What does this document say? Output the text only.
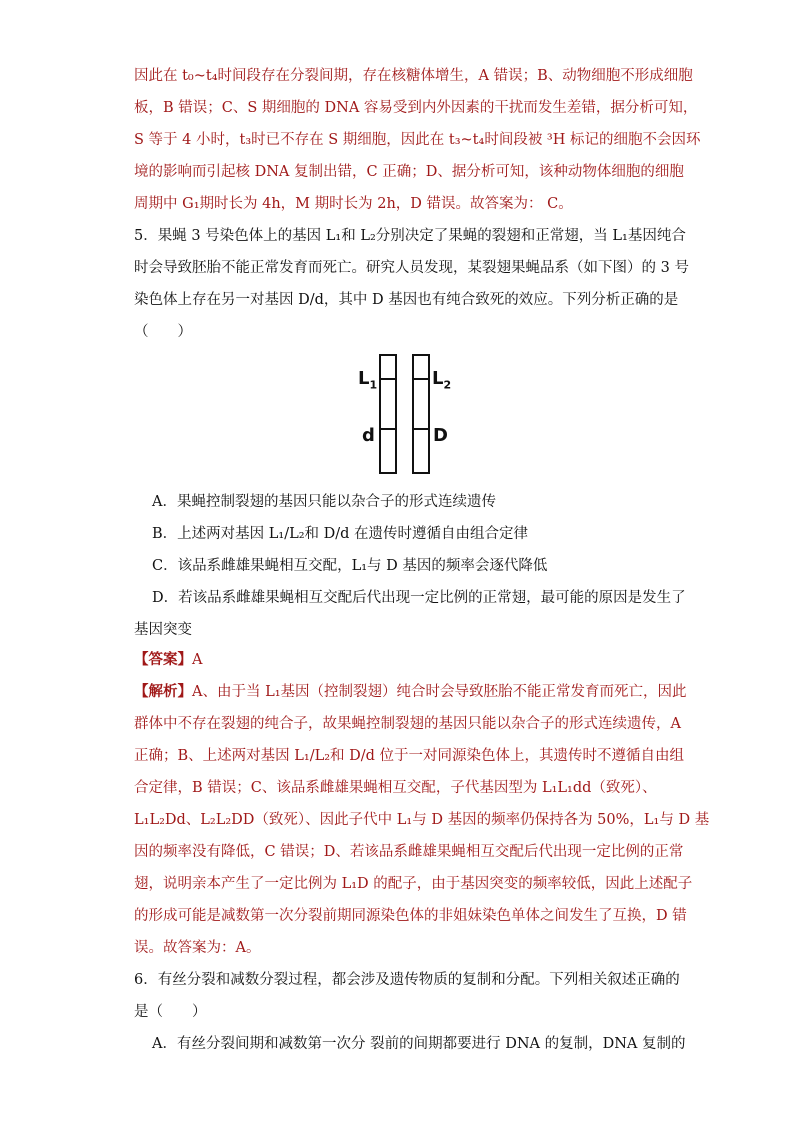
因此在 t₀~t₄时间段存在分裂间期，存在核糖体增生，A 错误；B、动物细胞不形成细胞
板，B 错误；C、S 期细胞的 DNA 容易受到内外因素的干扰而发生差错，据分析可知，
S 等于 4 小时，t₃时已不存在 S 期细胞，因此在 t₃~t₄时间段被 ³H 标记的细胞不会因环
境的影响而引起核 DNA 复制出错，C 正确；D、据分析可知，该种动物体细胞的细胞
周期中 G₁期时长为 4h，M 期时长为 2h，D 错误。故答案为： C。
5．果蝇 3 号染色体上的基因 L₁和 L₂分别决定了果蝇的裂翅和正常翅，当 L₁基因纯合
时会导致胚胎不能正常发育而死亡。研究人员发现，某裂翅果蝇品系（如下图）的 3 号
染色体上存在另一对基因 D/d，其中 D 基因也有纯合致死的效应。下列分析正确的是
（　　）
$L_1$	$L_2$
d	D
A．果蝇控制裂翅的基因只能以杂合子的形式连续遗传
B．上述两对基因 L₁/L₂和 D/d 在遗传时遵循自由组合定律
C．该品系雌雄果蝇相互交配，L₁与 D 基因的频率会逐代降低
D．若该品系雌雄果蝇相互交配后代出现一定比例的正常翅，最可能的原因是发生了
基因突变
【答案】A
【解析】A、由于当 L₁基因（控制裂翅）纯合时会导致胚胎不能正常发育而死亡，因此
群体中不存在裂翅的纯合子，故果蝇控制裂翅的基因只能以杂合子的形式连续遗传，A
正确；B、上述两对基因 L₁/L₂和 D/d 位于一对同源染色体上，其遗传时不遵循自由组
合定律，B 错误；C、该品系雌雄果蝇相互交配，子代基因型为 L₁L₁dd（致死）、
L₁L₂Dd、L₂L₂DD（致死）、因此子代中 L₁与 D 基因的频率仍保持各为 50%，L₁与 D 基
因的频率没有降低，C 错误；D、若该品系雌雄果蝇相互交配后代出现一定比例的正常
翅，说明亲本产生了一定比例为 L₁D 的配子，由于基因突变的频率较低，因此上述配子
的形成可能是减数第一次分裂前期同源染色体的非姐妹染色单体之间发生了互换，D 错
误。故答案为：A。
6．有丝分裂和减数分裂过程，都会涉及遗传物质的复制和分配。下列相关叙述正确的
是（　　）
A．有丝分裂间期和减数第一次分 裂前的间期都要进行 DNA 的复制，DNA 复制的
